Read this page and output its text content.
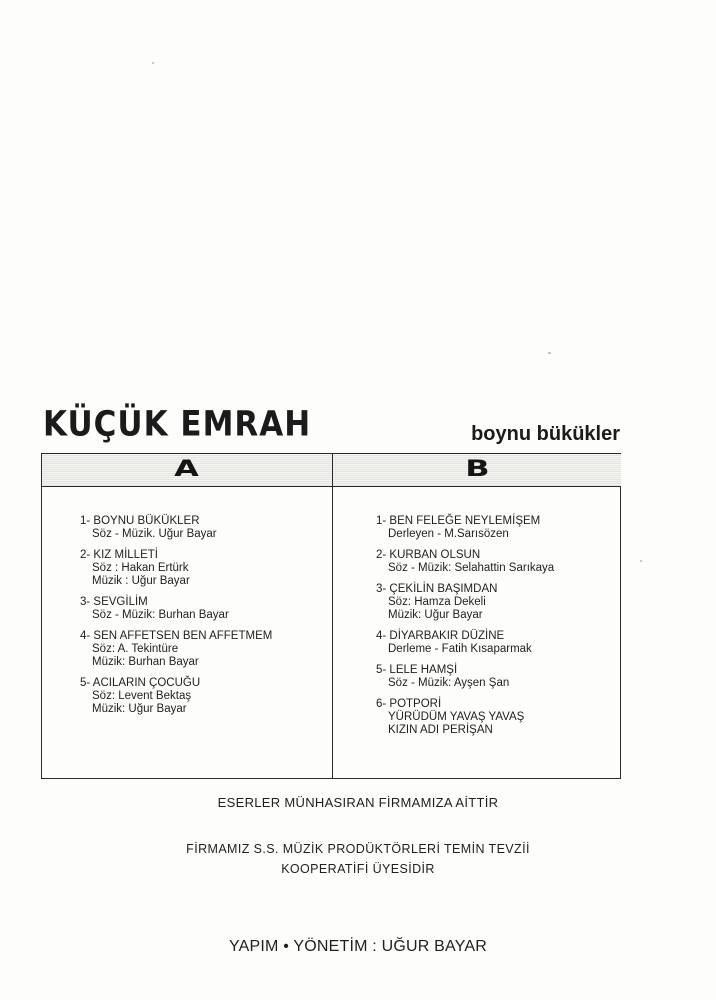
KÜÇÜK EMRAH	boynu bükükler
A
1- BOYNU BÜKÜKLER
Söz - Müzik. Uğur Bayar
2- KIZ MİLLETİ
Söz : Hakan Ertürk
Müzik : Uğur Bayar
3- SEVGİLİM
Söz - Müzik: Burhan Bayar
4- SEN AFFETSEN BEN AFFETMEM
Söz: A. Tekintüre
Müzik: Burhan Bayar
5- ACILARIN ÇOCUĞU
Söz: Levent Bektaş
Müzik: Uğur Bayar
B
1- BEN FELEĞE NEYLEMİŞEM
Derleyen - M.Sarısözen
2- KURBAN OLSUN
Söz - Müzik: Selahattin Sarıkaya
3- ÇEKİLİN BAŞIMDAN
Söz: Hamza Dekeli
Müzik: Uğur Bayar
4- DİYARBAKIR DÜZİNE
Derleme - Fatih Kısaparmak
5- LELE HAMŞİ
Söz - Müzik: Ayşen Şan
6- POTPORİ
YÜRÜDÜM YAVAŞ YAVAŞ
KIZIN ADI PERİŞAN
ESERLER MÜNHASIRAN FİRMAMIZA AİTTİR
FİRMAMIZ S.S. MÜZİK PRODÜKTÖRLERİ TEMİN TEVZİİ
KOOPERATİFİ ÜYESİDİR
YAPIM • YÖNETİM : UĞUR BAYAR
